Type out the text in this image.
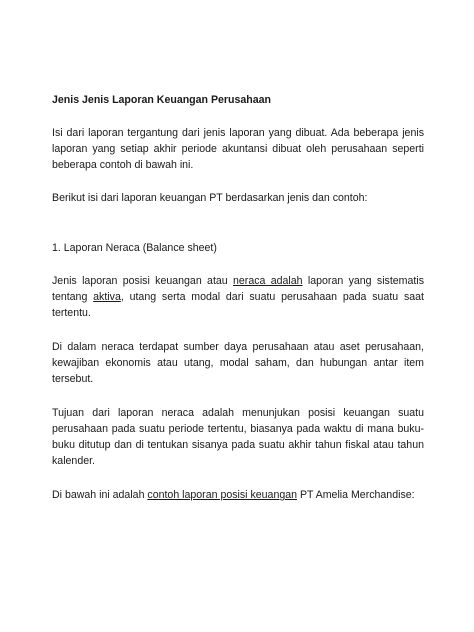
Jenis Jenis Laporan Keuangan Perusahaan

Isi dari laporan tergantung dari jenis laporan yang dibuat. Ada beberapa jenis laporan yang setiap akhir periode akuntansi dibuat oleh perusahaan seperti beberapa contoh di bawah ini.

Berikut isi dari laporan keuangan PT berdasarkan jenis dan contoh:

1. Laporan Neraca (Balance sheet)

Jenis laporan posisi keuangan atau neraca adalah laporan yang sistematis tentang aktiva, utang serta modal dari suatu perusahaan pada suatu saat tertentu.

Di dalam neraca terdapat sumber daya perusahaan atau aset perusahaan, kewajiban ekonomis atau utang, modal saham, dan hubungan antar item tersebut.

Tujuan dari laporan neraca adalah menunjukan posisi keuangan suatu perusahaan pada suatu periode tertentu, biasanya pada waktu di mana buku-buku ditutup dan di tentukan sisanya pada suatu akhir tahun fiskal atau tahun kalender.

Di bawah ini adalah contoh laporan posisi keuangan PT Amelia Merchandise:
